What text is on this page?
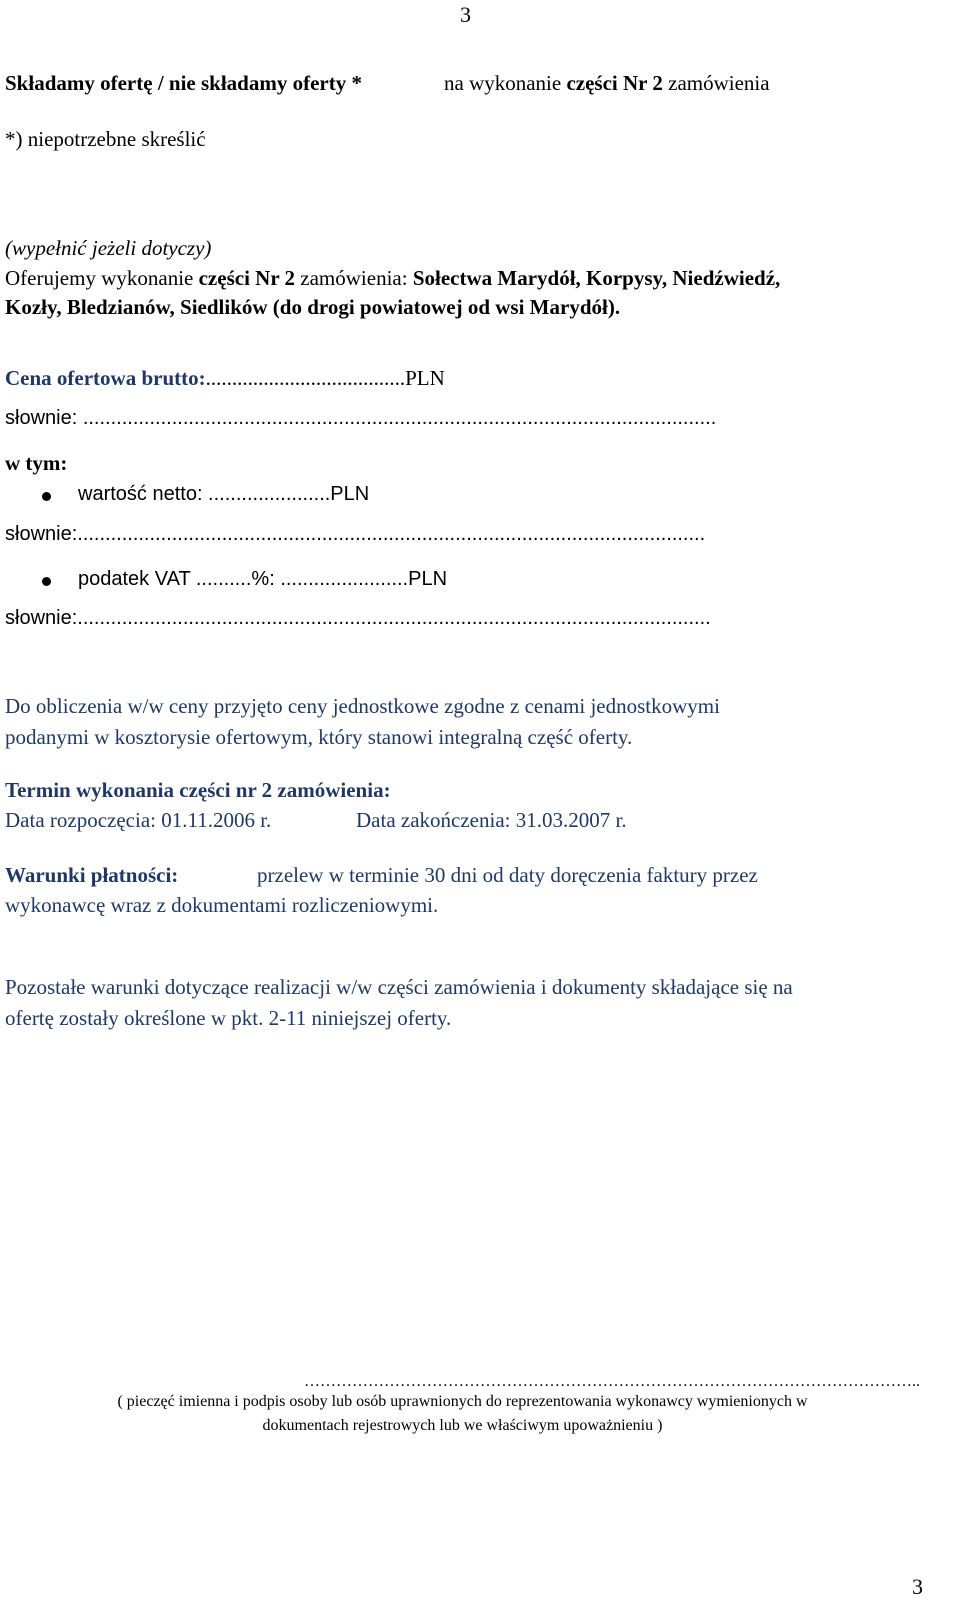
3
Składamy ofertę / nie składamy oferty *	na wykonanie części Nr 2 zamówienia
*) niepotrzebne skreślić
(wypełnić jeżeli dotyczy)
Oferujemy wykonanie części Nr 2 zamówienia: Sołectwa Marydół, Korpysy, Niedźwiedź,
Kozły, Bledzianów, Siedlików (do drogi powiatowej od wsi Marydół).
Cena ofertowa brutto:......................................PLN
słownie: ..................................................................................................................
w tym:
wartość netto: ......................PLN
słownie:.................................................................................................................
podatek VAT ..........%: .......................PLN
słownie:..................................................................................................................
Do obliczenia w/w ceny przyjęto ceny jednostkowe zgodne z cenami jednostkowymi
podanymi w kosztorysie ofertowym, który stanowi integralną część oferty.
Termin wykonania części nr 2 zamówienia:
Data rozpoczęcia: 01.11.2006 r.	Data zakończenia: 31.03.2007 r.
Warunki płatności:	przelew w terminie 30 dni od daty doręczenia faktury przez
wykonawcę wraz z dokumentami rozliczeniowymi.
Pozostałe warunki dotyczące realizacji w/w części zamówienia i dokumenty składające się na
ofertę zostały określone w pkt. 2-11 niniejszej oferty.
……………………………………………………………………………………………………..
( pieczęć imienna i podpis osoby lub osób uprawnionych do reprezentowania wykonawcy wymienionych w
dokumentach rejestrowych lub we właściwym upoważnieniu )
3
